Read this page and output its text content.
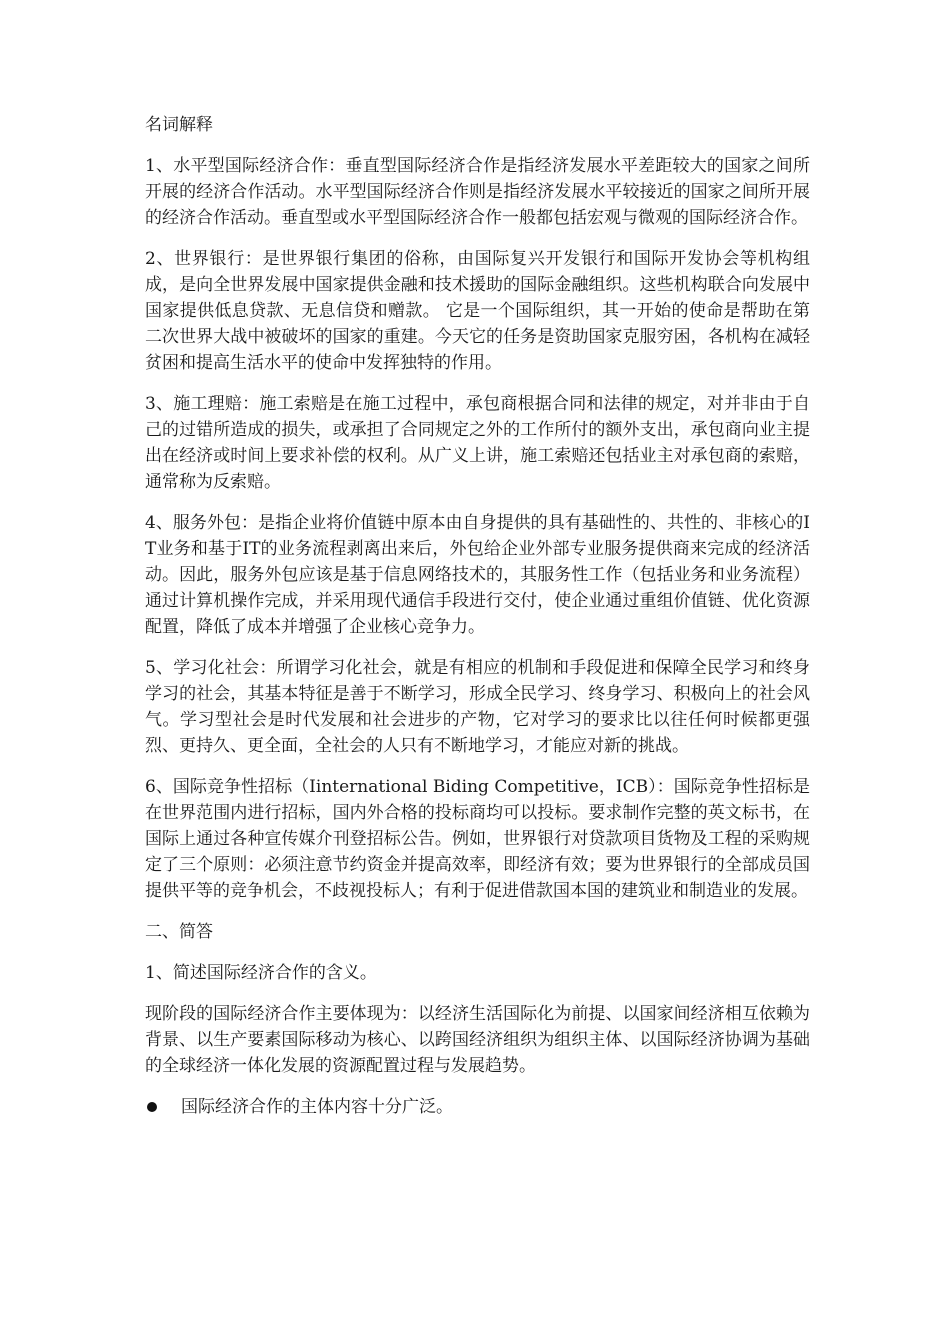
名词解释

1、水平型国际经济合作：垂直型国际经济合作是指经济发展水平差距较大的国家之间所开展的经济合作活动。水平型国际经济合作则是指经济发展水平较接近的国家之间所开展的经济合作活动。垂直型或水平型国际经济合作一般都包括宏观与微观的国际经济合作。

2、世界银行：是世界银行集团的俗称，由国际复兴开发银行和国际开发协会等机构组成，是向全世界发展中国家提供金融和技术援助的国际金融组织。这些机构联合向发展中国家提供低息贷款、无息信贷和赠款。 它是一个国际组织，其一开始的使命是帮助在第二次世界大战中被破坏的国家的重建。今天它的任务是资助国家克服穷困，各机构在减轻贫困和提高生活水平的使命中发挥独特的作用。

3、施工理赔：施工索赔是在施工过程中，承包商根据合同和法律的规定，对并非由于自己的过错所造成的损失，或承担了合同规定之外的工作所付的额外支出，承包商向业主提出在经济或时间上要求补偿的权利。从广义上讲，施工索赔还包括业主对承包商的索赔，通常称为反索赔。

4、服务外包：是指企业将价值链中原本由自身提供的具有基础性的、共性的、非核心的IT业务和基于IT的业务流程剥离出来后，外包给企业外部专业服务提供商来完成的经济活动。因此，服务外包应该是基于信息网络技术的，其服务性工作（包括业务和业务流程）通过计算机操作完成，并采用现代通信手段进行交付，使企业通过重组价值链、优化资源配置，降低了成本并增强了企业核心竞争力。

5、学习化社会：所谓学习化社会，就是有相应的机制和手段促进和保障全民学习和终身学习的社会，其基本特征是善于不断学习，形成全民学习、终身学习、积极向上的社会风气。学习型社会是时代发展和社会进步的产物，它对学习的要求比以往任何时候都更强烈、更持久、更全面，全社会的人只有不断地学习，才能应对新的挑战。

6、国际竞争性招标（Iinternational Biding Competitive，ICB）：国际竞争性招标是在世界范围内进行招标，国内外合格的投标商均可以投标。要求制作完整的英文标书，在国际上通过各种宣传媒介刊登招标公告。例如，世界银行对贷款项目货物及工程的采购规定了三个原则：必须注意节约资金并提高效率，即经济有效；要为世界银行的全部成员国提供平等的竞争机会，不歧视投标人；有利于促进借款国本国的建筑业和制造业的发展。

二、简答

1、简述国际经济合作的含义。

现阶段的国际经济合作主要体现为：以经济生活国际化为前提、以国家间经济相互依赖为背景、以生产要素国际移动为核心、以跨国经济组织为组织主体、以国际经济协调为基础的全球经济一体化发展的资源配置过程与发展趋势。

国际经济合作的主体内容十分广泛。
